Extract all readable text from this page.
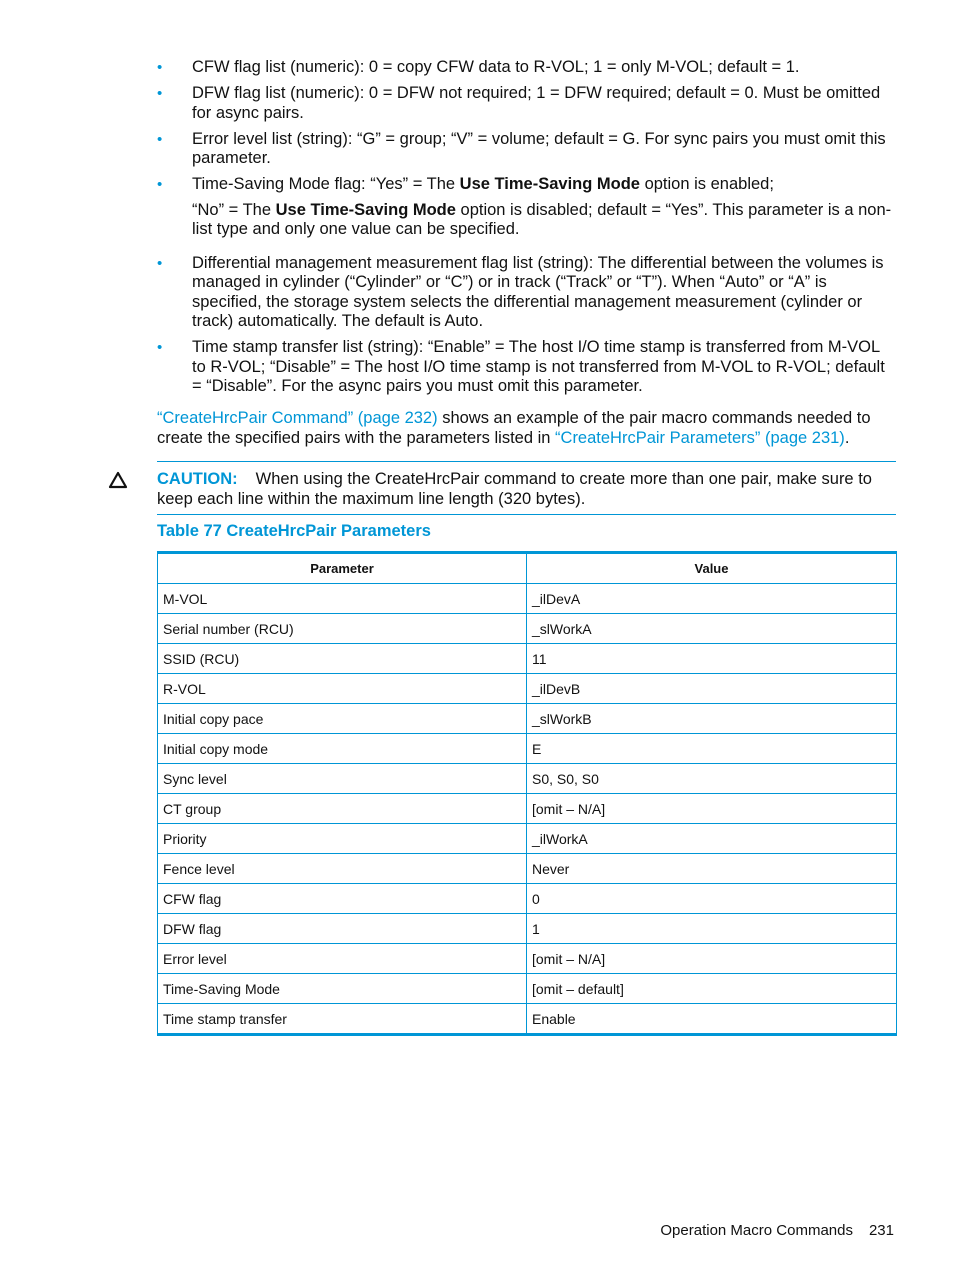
• CFW flag list (numeric): 0 = copy CFW data to R-VOL; 1 = only M-VOL; default = 1.
• DFW flag list (numeric): 0 = DFW not required; 1 = DFW required; default = 0. Must be omitted for async pairs.
• Error level list (string): “G” = group; “V” = volume; default = G. For sync pairs you must omit this parameter.
• Time-Saving Mode flag: “Yes” = The Use Time-Saving Mode option is enabled;
“No” = The Use Time-Saving Mode option is disabled; default = “Yes”. This parameter is a non-list type and only one value can be specified.
• Differential management measurement flag list (string): The differential between the volumes is managed in cylinder (“Cylinder” or “C”) or in track (“Track” or “T”). When “Auto” or “A” is specified, the storage system selects the differential management measurement (cylinder or track) automatically. The default is Auto.
• Time stamp transfer list (string): “Enable” = The host I/O time stamp is transferred from M-VOL to R-VOL; “Disable” = The host I/O time stamp is not transferred from M-VOL to R-VOL; default = “Disable”. For the async pairs you must omit this parameter.

“CreateHrcPair Command” (page 232) shows an example of the pair macro commands needed to create the specified pairs with the parameters listed in “CreateHrcPair Parameters” (page 231).

CAUTION: When using the CreateHrcPair command to create more than one pair, make sure to keep each line within the maximum line length (320 bytes).

Table 77 CreateHrcPair Parameters

Parameter	Value
M-VOL	_ilDevA
Serial number (RCU)	_slWorkA
SSID (RCU)	11
R-VOL	_ilDevB
Initial copy pace	_slWorkB
Initial copy mode	E
Sync level	S0, S0, S0
CT group	[omit – N/A]
Priority	_ilWorkA
Fence level	Never
CFW flag	0
DFW flag	1
Error level	[omit – N/A]
Time-Saving Mode	[omit – default]
Time stamp transfer	Enable

Operation Macro Commands 231
